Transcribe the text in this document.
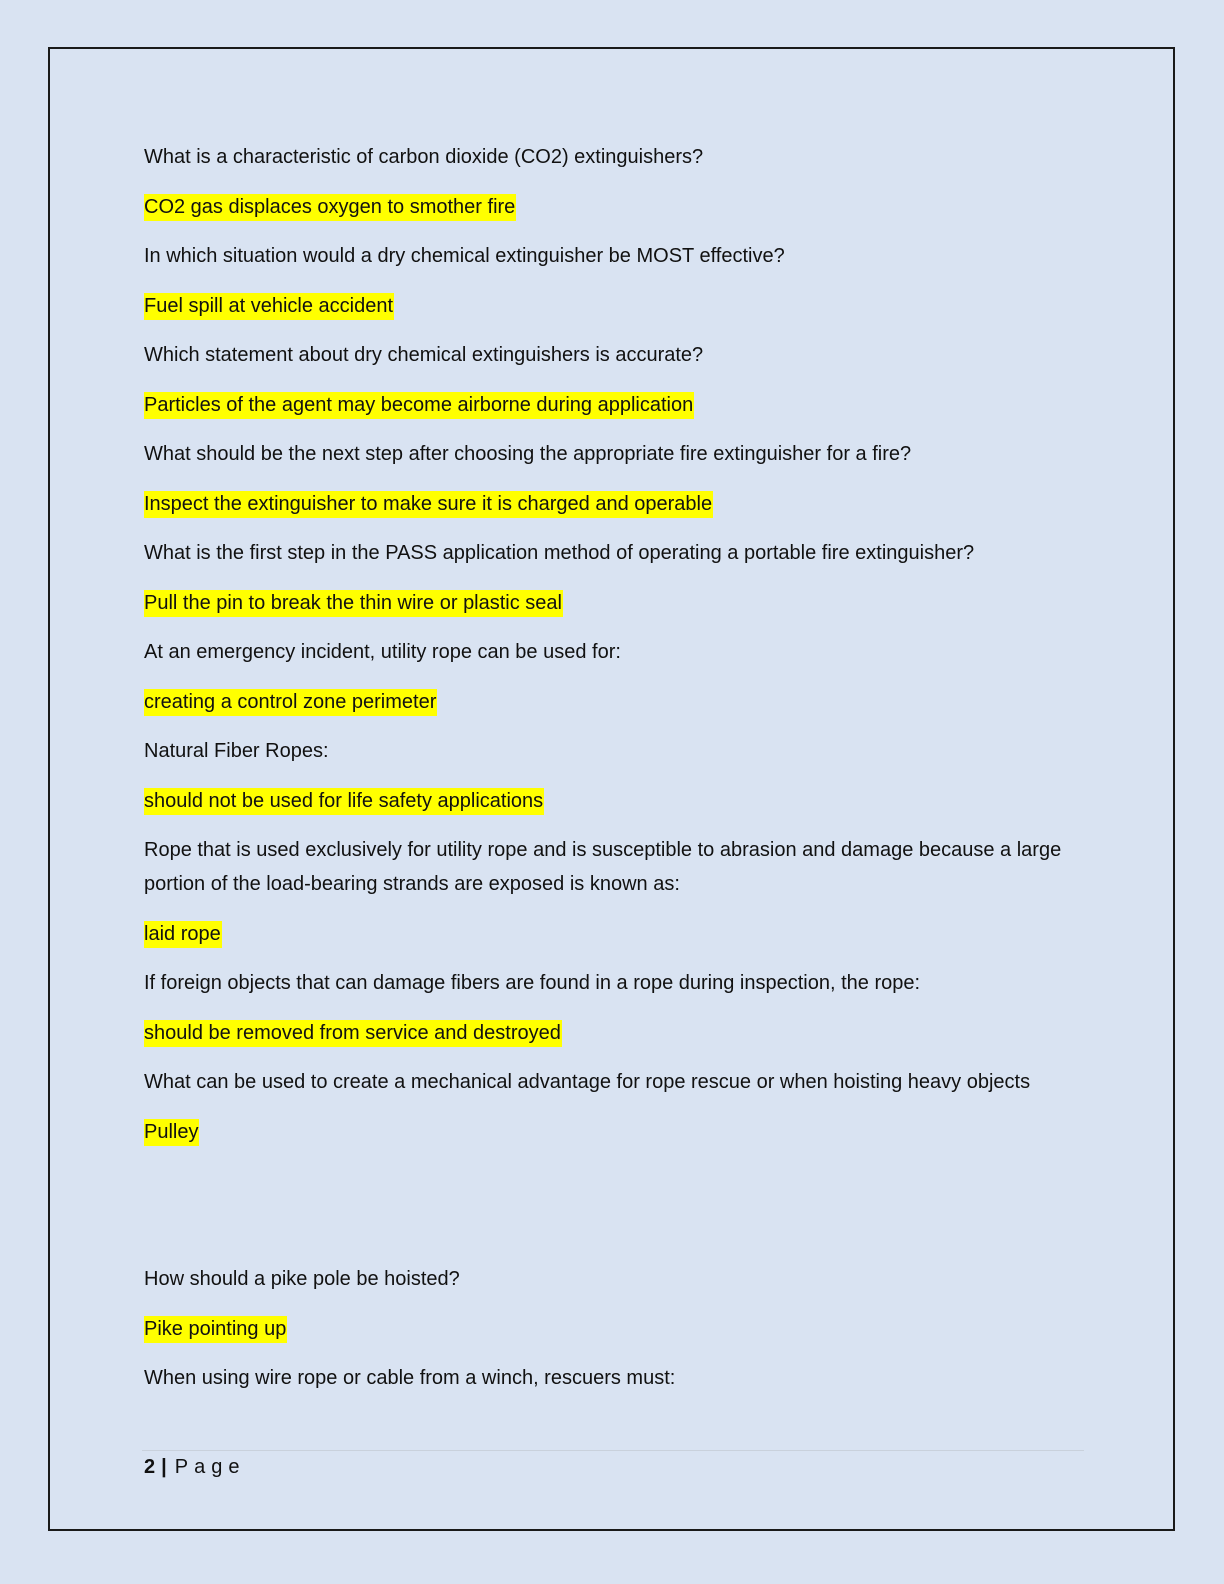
What is a characteristic of carbon dioxide (CO2) extinguishers?

CO2 gas displaces oxygen to smother fire

In which situation would a dry chemical extinguisher be MOST effective?

Fuel spill at vehicle accident

Which statement about dry chemical extinguishers is accurate?

Particles of the agent may become airborne during application

What should be the next step after choosing the appropriate fire extinguisher for a fire?

Inspect the extinguisher to make sure it is charged and operable

What is the first step in the PASS application method of operating a portable fire extinguisher?

Pull the pin to break the thin wire or plastic seal

At an emergency incident, utility rope can be used for:

creating a control zone perimeter

Natural Fiber Ropes:

should not be used for life safety applications

Rope that is used exclusively for utility rope and is susceptible to abrasion and damage because a large portion of the load-bearing strands are exposed is known as:

laid rope

If foreign objects that can damage fibers are found in a rope during inspection, the rope:

should be removed from service and destroyed

What can be used to create a mechanical advantage for rope rescue or when hoisting heavy objects

Pulley

How should a pike pole be hoisted?

Pike pointing up

When using wire rope or cable from a winch, rescuers must:

2 | Page
